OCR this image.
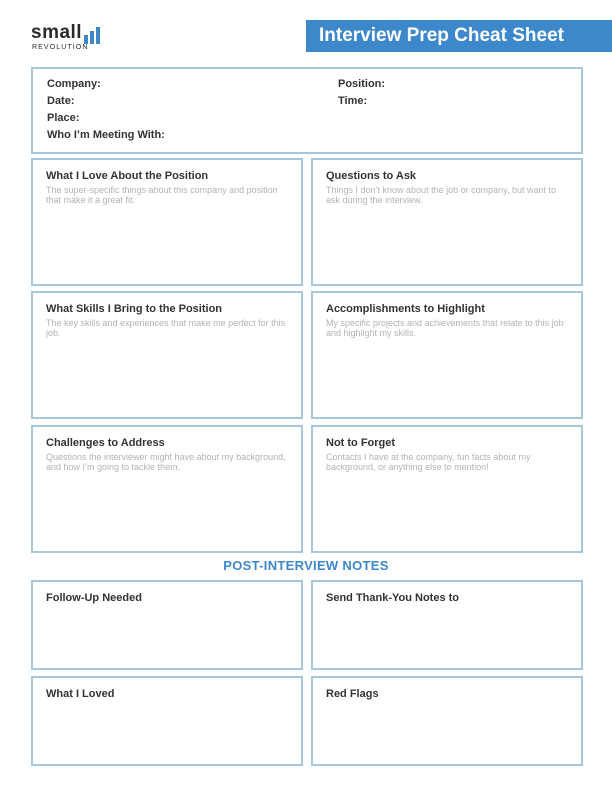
small
REVOLUTION
Interview Prep Cheat Sheet
Company:	Position:
Date:	Time:
Place:
Who I’m Meeting With:
What I Love About the Position
The super-specific things about this company and position that make it a great fit.
Questions to Ask
Things I don’t know about the job or company, but want to ask during the interview.
What Skills I Bring to the Position
The key skills and experiences that make me perfect for this job.
Accomplishments to Highlight
My specific projects and achievements that relate to this job and highlight my skills.
Challenges to Address
Questions the interviewer might have about my background, and how I’m going to tackle them.
Not to Forget
Contacts I have at the company, fun facts about my background, or anything else to mention!
POST-INTERVIEW NOTES
Follow-Up Needed	Send Thank-You Notes to
What I Loved	Red Flags
